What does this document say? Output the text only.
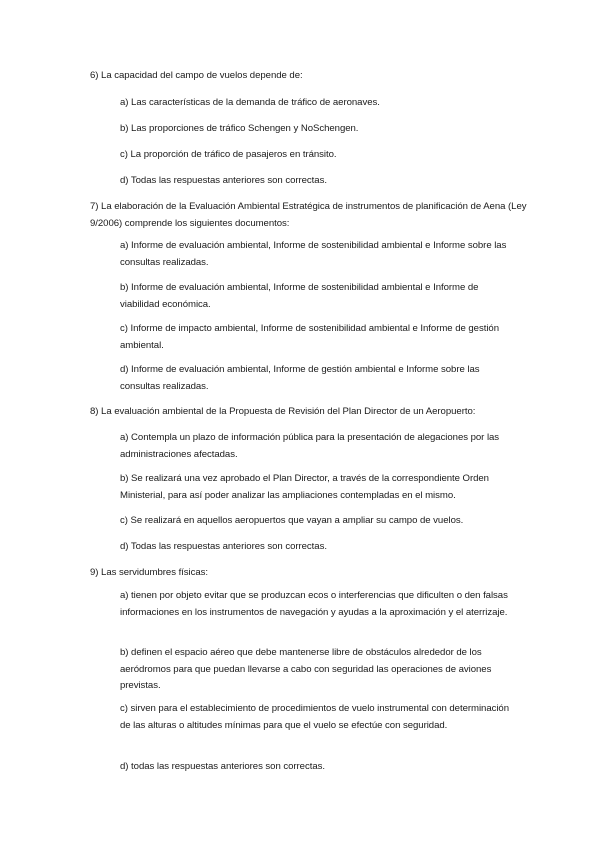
6) La capacidad del campo de vuelos depende de:
a) Las características de la demanda de tráfico de aeronaves.
b) Las proporciones de tráfico Schengen y NoSchengen.
c) La proporción de tráfico de pasajeros en tránsito.
d) Todas las respuestas anteriores son correctas.
7) La elaboración de la Evaluación Ambiental Estratégica de instrumentos de planificación de Aena (Ley 9/2006) comprende los siguientes documentos:
a) Informe de evaluación ambiental, Informe de sostenibilidad ambiental e Informe sobre las consultas realizadas.
b) Informe de evaluación ambiental, Informe de sostenibilidad ambiental e Informe de viabilidad económica.
c) Informe de impacto ambiental, Informe de sostenibilidad ambiental e Informe de gestión ambiental.
d) Informe de evaluación ambiental, Informe de gestión ambiental e Informe sobre las consultas realizadas.
8) La evaluación ambiental de la Propuesta de Revisión del Plan Director de un Aeropuerto:
a) Contempla un plazo de información pública para la presentación de alegaciones por las administraciones afectadas.
b) Se realizará una vez aprobado el Plan Director, a través de la correspondiente Orden Ministerial, para así poder analizar las ampliaciones contempladas en el mismo.
c) Se realizará en aquellos aeropuertos que vayan a ampliar su campo de vuelos.
d) Todas las respuestas anteriores son correctas.
9) Las servidumbres físicas:
a) tienen por objeto evitar que se produzcan ecos o interferencias que dificulten o den falsas informaciones en los instrumentos de navegación y ayudas a la aproximación y el aterrizaje.
b) definen el espacio aéreo que debe mantenerse libre de obstáculos alrededor de los aeródromos para que puedan llevarse a cabo con seguridad las operaciones de aviones previstas.
c) sirven para el establecimiento de procedimientos de vuelo instrumental con determinación de las alturas o altitudes mínimas para que el vuelo se efectúe con seguridad.
d) todas las respuestas anteriores son correctas.
